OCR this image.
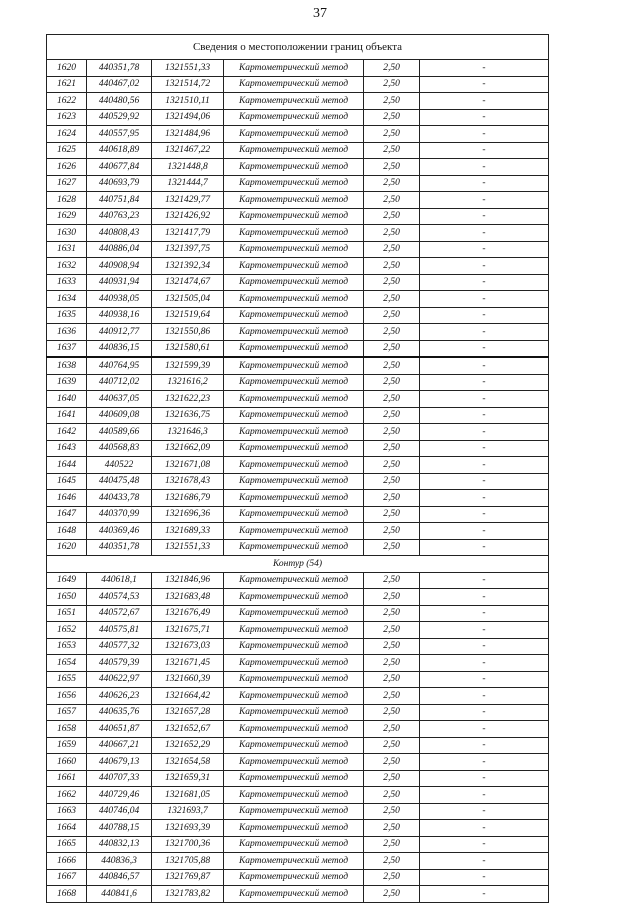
37
Сведения о местоположении границ объекта					
1620	440351,78	1321551,33	Картометрический метод	2,50	-
1621	440467,02	1321514,72	Картометрический метод	2,50	-
1622	440480,56	1321510,11	Картометрический метод	2,50	-
1623	440529,92	1321494,06	Картометрический метод	2,50	-
1624	440557,95	1321484,96	Картометрический метод	2,50	-
1625	440618,89	1321467,22	Картометрический метод	2,50	-
1626	440677,84	1321448,8	Картометрический метод	2,50	-
1627	440693,79	1321444,7	Картометрический метод	2,50	-
1628	440751,84	1321429,77	Картометрический метод	2,50	-
1629	440763,23	1321426,92	Картометрический метод	2,50	-
1630	440808,43	1321417,79	Картометрический метод	2,50	-
1631	440886,04	1321397,75	Картометрический метод	2,50	-
1632	440908,94	1321392,34	Картометрический метод	2,50	-
1633	440931,94	1321474,67	Картометрический метод	2,50	-
1634	440938,05	1321505,04	Картометрический метод	2,50	-
1635	440938,16	1321519,64	Картометрический метод	2,50	-
1636	440912,77	1321550,86	Картометрический метод	2,50	-
1637	440836,15	1321580,61	Картометрический метод	2,50	-
1638	440764,95	1321599,39	Картометрический метод	2,50	-
1639	440712,02	1321616,2	Картометрический метод	2,50	-
1640	440637,05	1321622,23	Картометрический метод	2,50	-
1641	440609,08	1321636,75	Картометрический метод	2,50	-
1642	440589,66	1321646,3	Картометрический метод	2,50	-
1643	440568,83	1321662,09	Картометрический метод	2,50	-
1644	440522	1321671,08	Картометрический метод	2,50	-
1645	440475,48	1321678,43	Картометрический метод	2,50	-
1646	440433,78	1321686,79	Картометрический метод	2,50	-
1647	440370,99	1321696,36	Картометрический метод	2,50	-
1648	440369,46	1321689,33	Картометрический метод	2,50	-
1620	440351,78	1321551,33	Картометрический метод	2,50	-
Контур (54)					
1649	440618,1	1321846,96	Картометрический метод	2,50	-
1650	440574,53	1321683,48	Картометрический метод	2,50	-
1651	440572,67	1321676,49	Картометрический метод	2,50	-
1652	440575,81	1321675,71	Картометрический метод	2,50	-
1653	440577,32	1321673,03	Картометрический метод	2,50	-
1654	440579,39	1321671,45	Картометрический метод	2,50	-
1655	440622,97	1321660,39	Картометрический метод	2,50	-
1656	440626,23	1321664,42	Картометрический метод	2,50	-
1657	440635,76	1321657,28	Картометрический метод	2,50	-
1658	440651,87	1321652,67	Картометрический метод	2,50	-
1659	440667,21	1321652,29	Картометрический метод	2,50	-
1660	440679,13	1321654,58	Картометрический метод	2,50	-
1661	440707,33	1321659,31	Картометрический метод	2,50	-
1662	440729,46	1321681,05	Картометрический метод	2,50	-
1663	440746,04	1321693,7	Картометрический метод	2,50	-
1664	440788,15	1321693,39	Картометрический метод	2,50	-
1665	440832,13	1321700,36	Картометрический метод	2,50	-
1666	440836,3	1321705,88	Картометрический метод	2,50	-
1667	440846,57	1321769,87	Картометрический метод	2,50	-
1668	440841,6	1321783,82	Картометрический метод	2,50	-
